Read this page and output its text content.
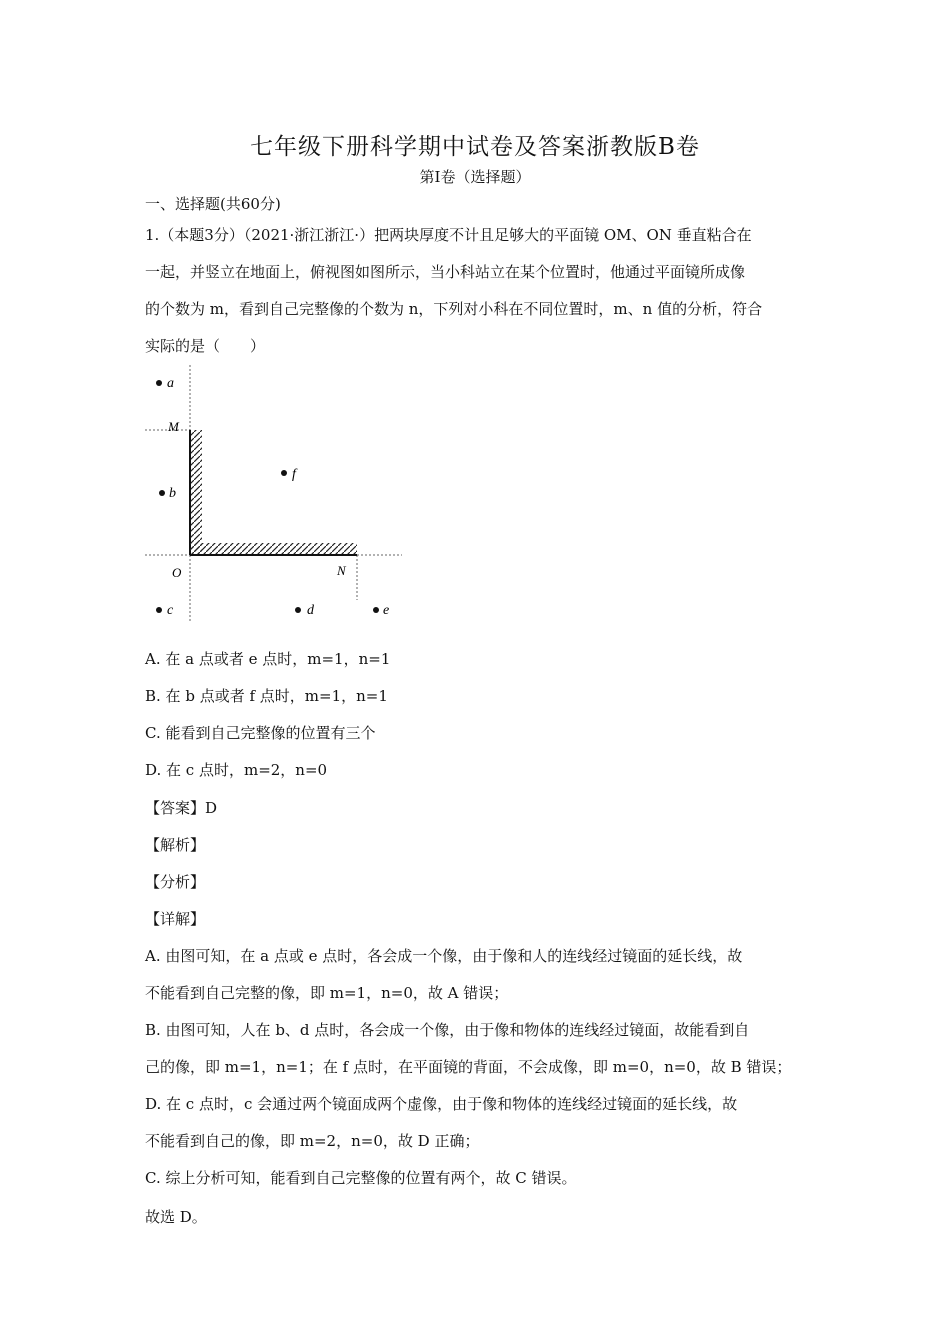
七年级下册科学期中试卷及答案浙教版B卷
第Ⅰ卷（选择题）
一、选择题(共60分)
1.（本题3分）（2021·浙江浙江·）把两块厚度不计且足够大的平面镜 OM、ON 垂直粘合在
一起，并竖立在地面上，俯视图如图所示，当小科站立在某个位置时，他通过平面镜所成像
的个数为 m，看到自己完整像的个数为 n，下列对小科在不同位置时，m、n 值的分析，符合
实际的是（　　）
M
O	N
a
b
c	d	e
f
A. 在 a 点或者 e 点时，m=1，n=1
B. 在 b 点或者 f 点时，m=1，n=1
C. 能看到自己完整像的位置有三个
D. 在 c 点时，m=2，n=0
【答案】D
【解析】
【分析】
【详解】
A. 由图可知，在 a 点或 e 点时，各会成一个像，由于像和人的连线经过镜面的延长线，故
不能看到自己完整的像，即 m=1，n=0，故 A 错误；
B. 由图可知，人在 b、d 点时，各会成一个像，由于像和物体的连线经过镜面，故能看到自
己的像，即 m=1，n=1；在 f 点时，在平面镜的背面，不会成像，即 m=0，n=0，故 B 错误；
D. 在 c 点时，c 会通过两个镜面成两个虚像，由于像和物体的连线经过镜面的延长线，故
不能看到自己的像，即 m=2，n=0，故 D 正确；
C. 综上分析可知，能看到自己完整像的位置有两个，故 C 错误。
故选 D。
